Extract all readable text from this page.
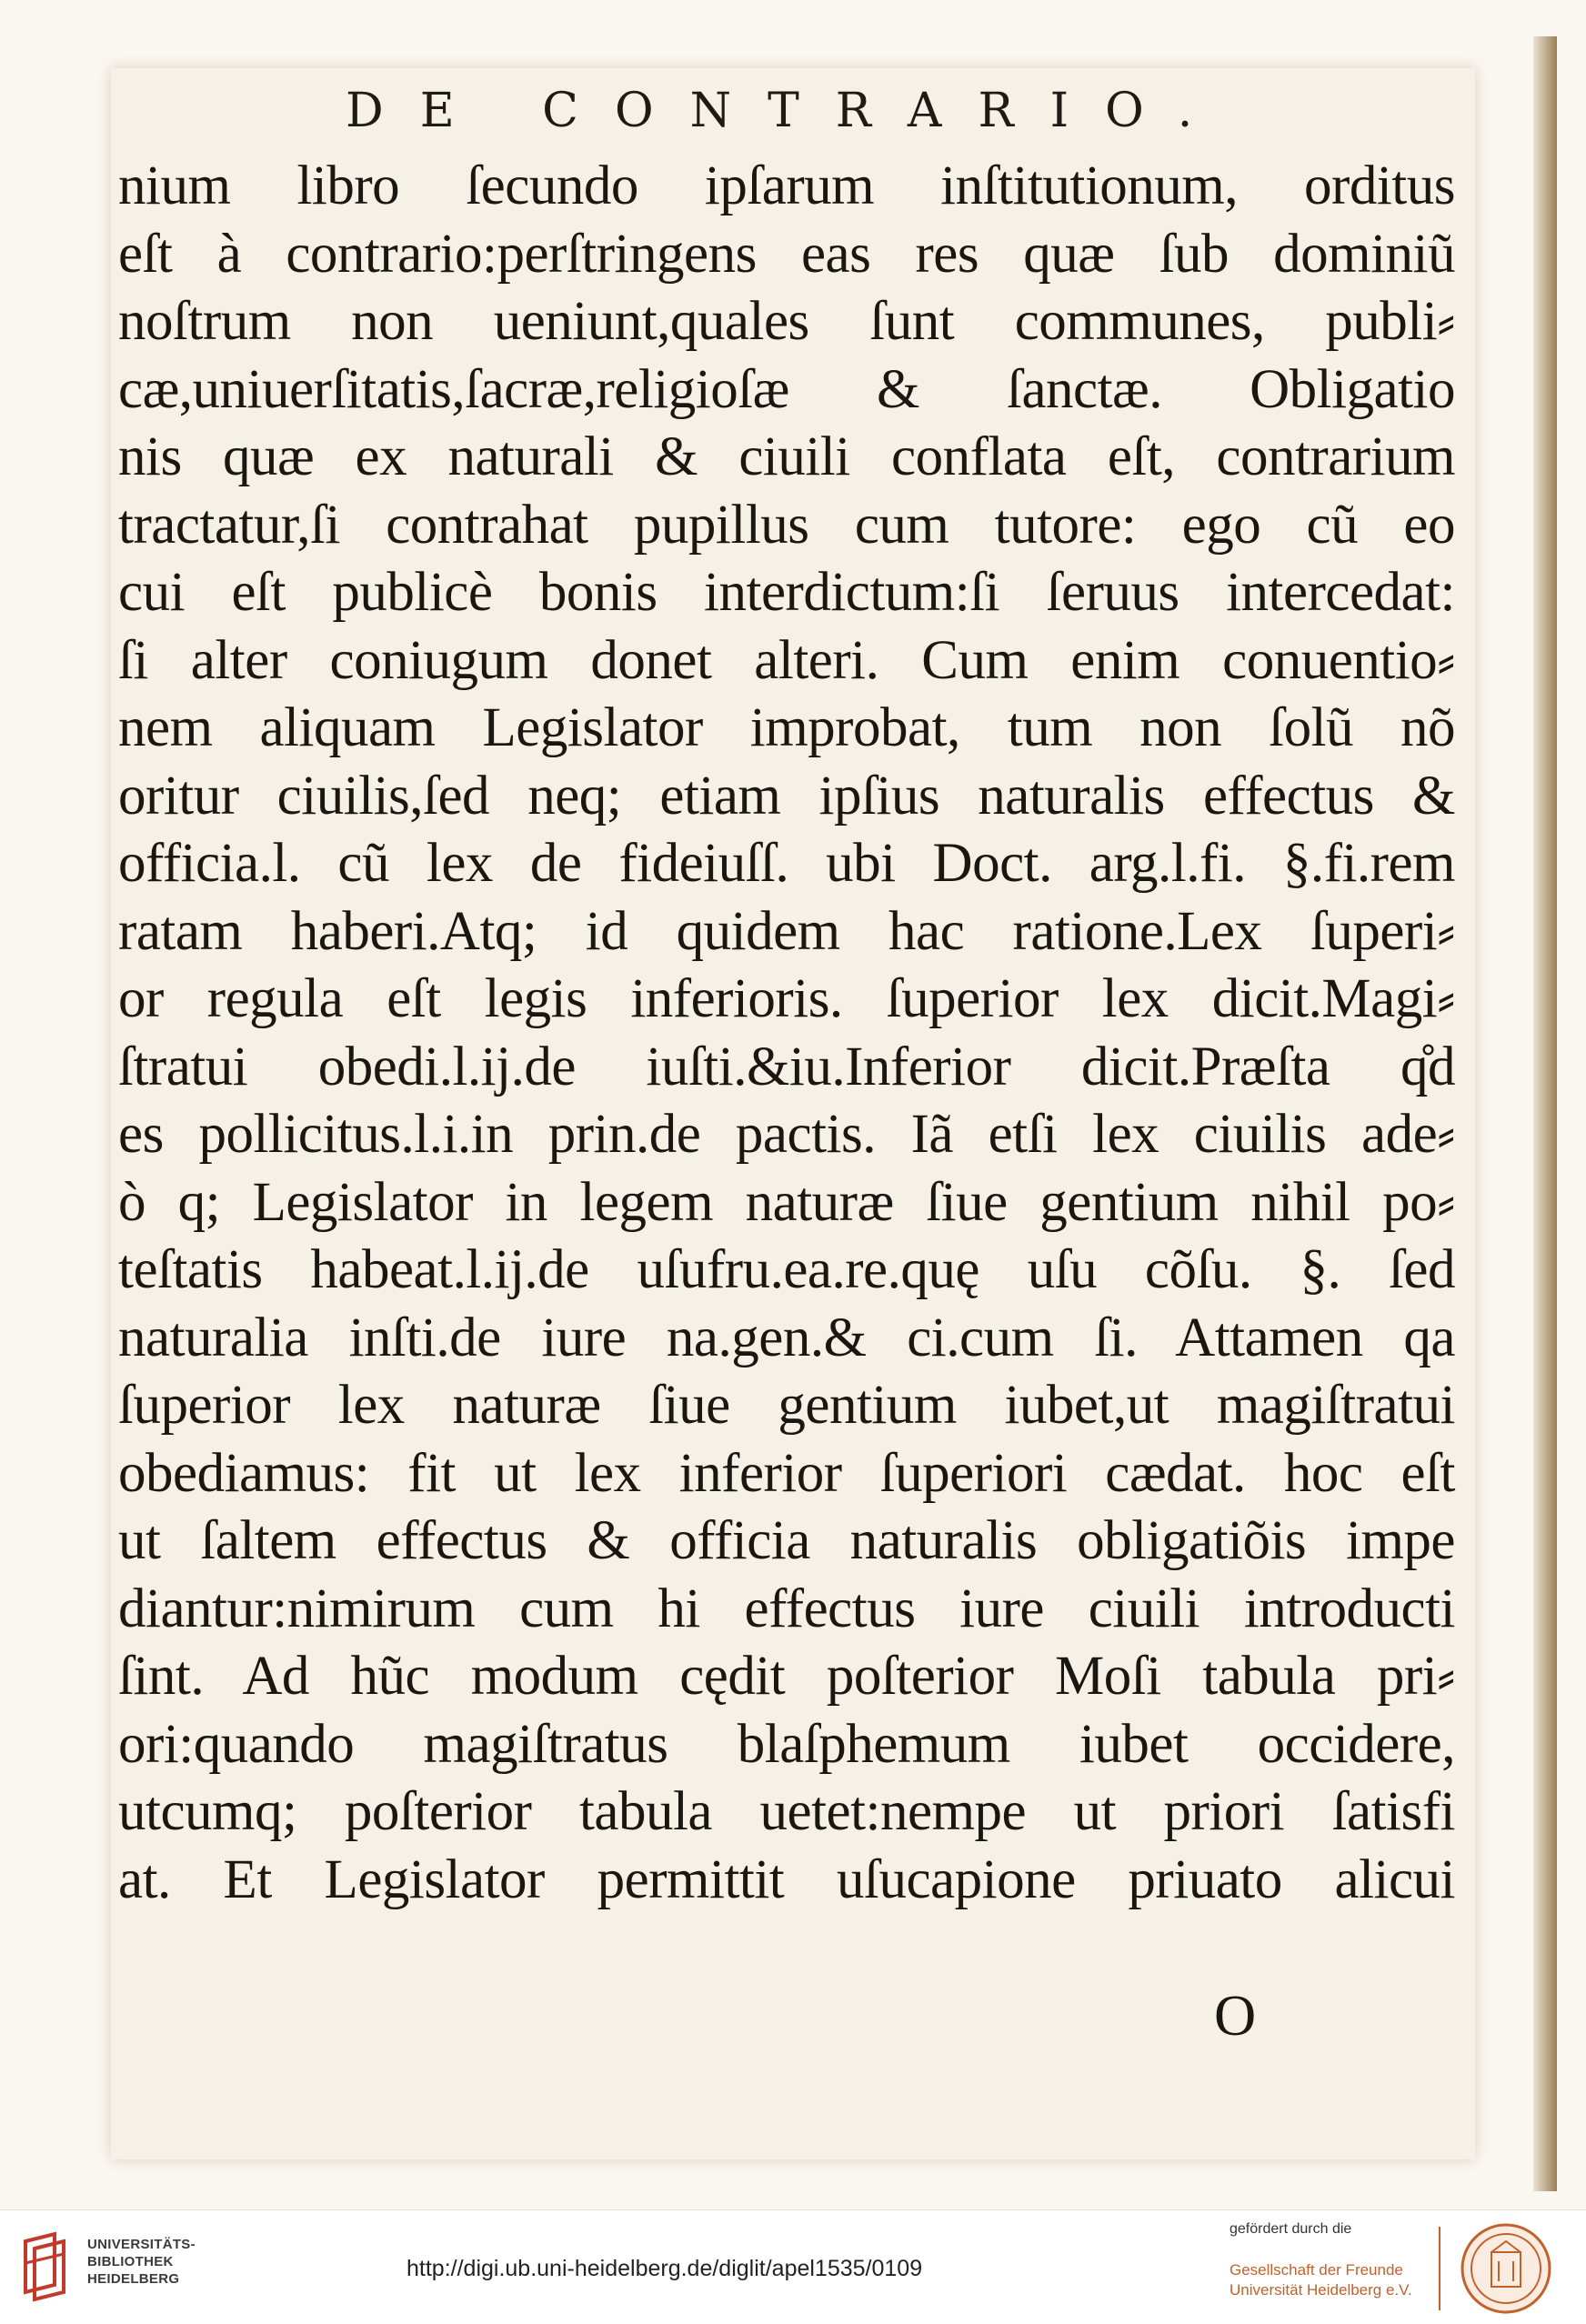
DE CONTRARIO.
nium libro ſecundo ipſarum inſtitutionum, orditus
eſt à contrario:perſtringens eas res quæ ſub dominiũ
noſtrum non ueniunt,quales ſunt communes, publi⸗
cæ,uniuerſitatis,ſacræ,religioſæ & ſanctæ. Obligatio
nis quæ ex naturali & ciuili conflata eſt, contrarium
tractatur,ſi contrahat pupillus cum tutore: ego cũ eo
cui eſt publicè bonis interdictum:ſi ſeruus intercedat:
ſi alter coniugum donet alteri. Cum enim conuentio⸗
nem aliquam Legislator improbat, tum non ſolũ nõ
oritur ciuilis,ſed neq; etiam ipſius naturalis effectus &
officia.l. cũ lex de fideiuſſ. ubi Doct. arg.l.fi. §.fi.rem
ratam haberi.Atq; id quidem hac ratione.Lex ſuperi⸗
or regula eſt legis inferioris. ſuperior lex dicit.Magi⸗
ſtratui obedi.l.ij.de iuſti.&iu.Inferior dicit.Præſta q̊d
es pollicitus.l.i.in prin.de pactis. Iã etſi lex ciuilis ade⸗
ò q; Legislator in legem naturæ ſiue gentium nihil po⸗
teſtatis habeat.l.ij.de uſufru.ea.re.quę uſu cõſu. §. ſed
naturalia inſti.de iure na.gen.& ci.cum ſi. Attamen qa
ſuperior lex naturæ ſiue gentium iubet,ut magiſtratui
obediamus: fit ut lex inferior ſuperiori cædat. hoc eſt
ut ſaltem effectus & officia naturalis obligatiõis impe
diantur:nimirum cum hi effectus iure ciuili introducti
ſint. Ad hũc modum cędit poſterior Moſi tabula pri⸗
ori:quando magiſtratus blaſphemum iubet occidere,
utcumq; poſterior tabula uetet:nempe ut priori ſatisfi
at. Et Legislator permittit uſucapione priuato alicui
O
UNIVERSITÄTS-
BIBLIOTHEK
HEIDELBERG	http://digi.ub.uni-heidelberg.de/diglit/apel1535/0109
gefördert durch die
Gesellschaft der Freunde
Universität Heidelberg e.V.
